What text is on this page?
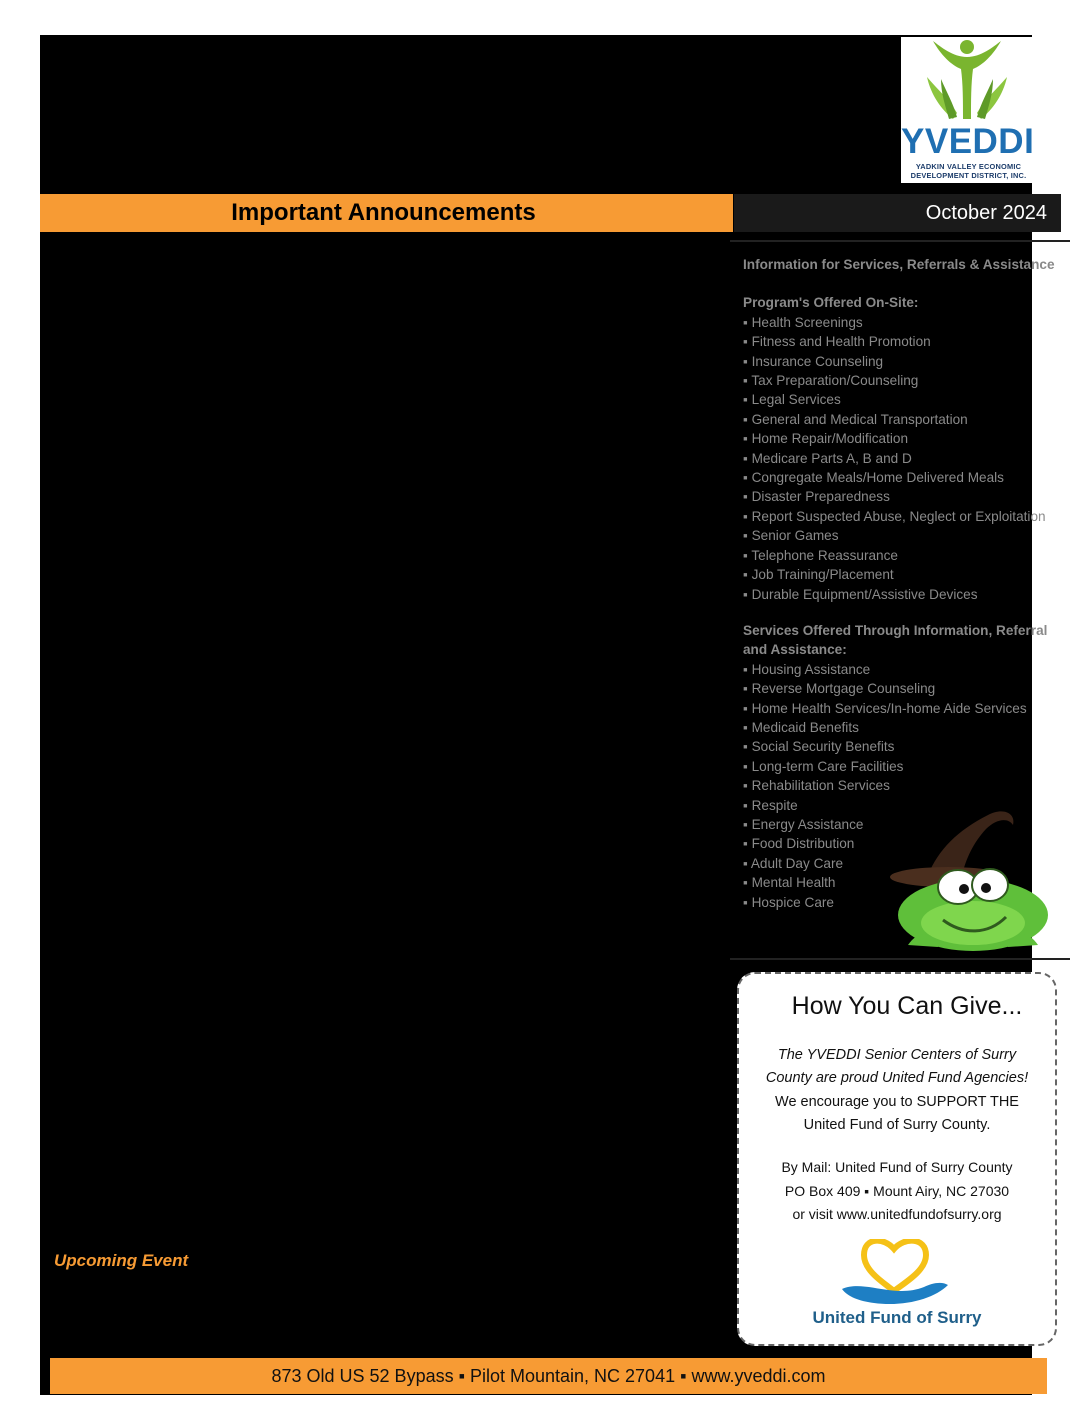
YVEDDI
YADKIN VALLEY ECONOMIC
DEVELOPMENT DISTRICT, INC.
Important Announcements	October 2024
Information for Services, Referrals & Assistance
Program's Offered On-Site:
▪ Health Screenings
▪ Fitness and Health Promotion
▪ Insurance Counseling
▪ Tax Preparation/Counseling
▪ Legal Services
▪ General and Medical Transportation
▪ Home Repair/Modification
▪ Medicare Parts A, B and D
▪ Congregate Meals/Home Delivered Meals
▪ Disaster Preparedness
▪ Report Suspected Abuse, Neglect or Exploitation
▪ Senior Games
▪ Telephone Reassurance
▪ Job Training/Placement
▪ Durable Equipment/Assistive Devices
Services Offered Through Information, Referral and Assistance:
▪ Housing Assistance
▪ Reverse Mortgage Counseling
▪ Home Health Services/In-home Aide Services
▪ Medicaid Benefits
▪ Social Security Benefits
▪ Long-term Care Facilities
▪ Rehabilitation Services
▪ Respite
▪ Energy Assistance
▪ Food Distribution
▪ Adult Day Care
▪ Mental Health
▪ Hospice Care
How You Can Give...
The YVEDDI Senior Centers of Surry
County are proud United Fund Agencies!
We encourage you to SUPPORT THE
United Fund of Surry County.
By Mail: United Fund of Surry County
PO Box 409 ▪ Mount Airy, NC 27030
or visit www.unitedfundofsurry.org
United Fund of Surry
Upcoming Event
873 Old US 52 Bypass ▪ Pilot Mountain, NC 27041 ▪ www.yveddi.com
